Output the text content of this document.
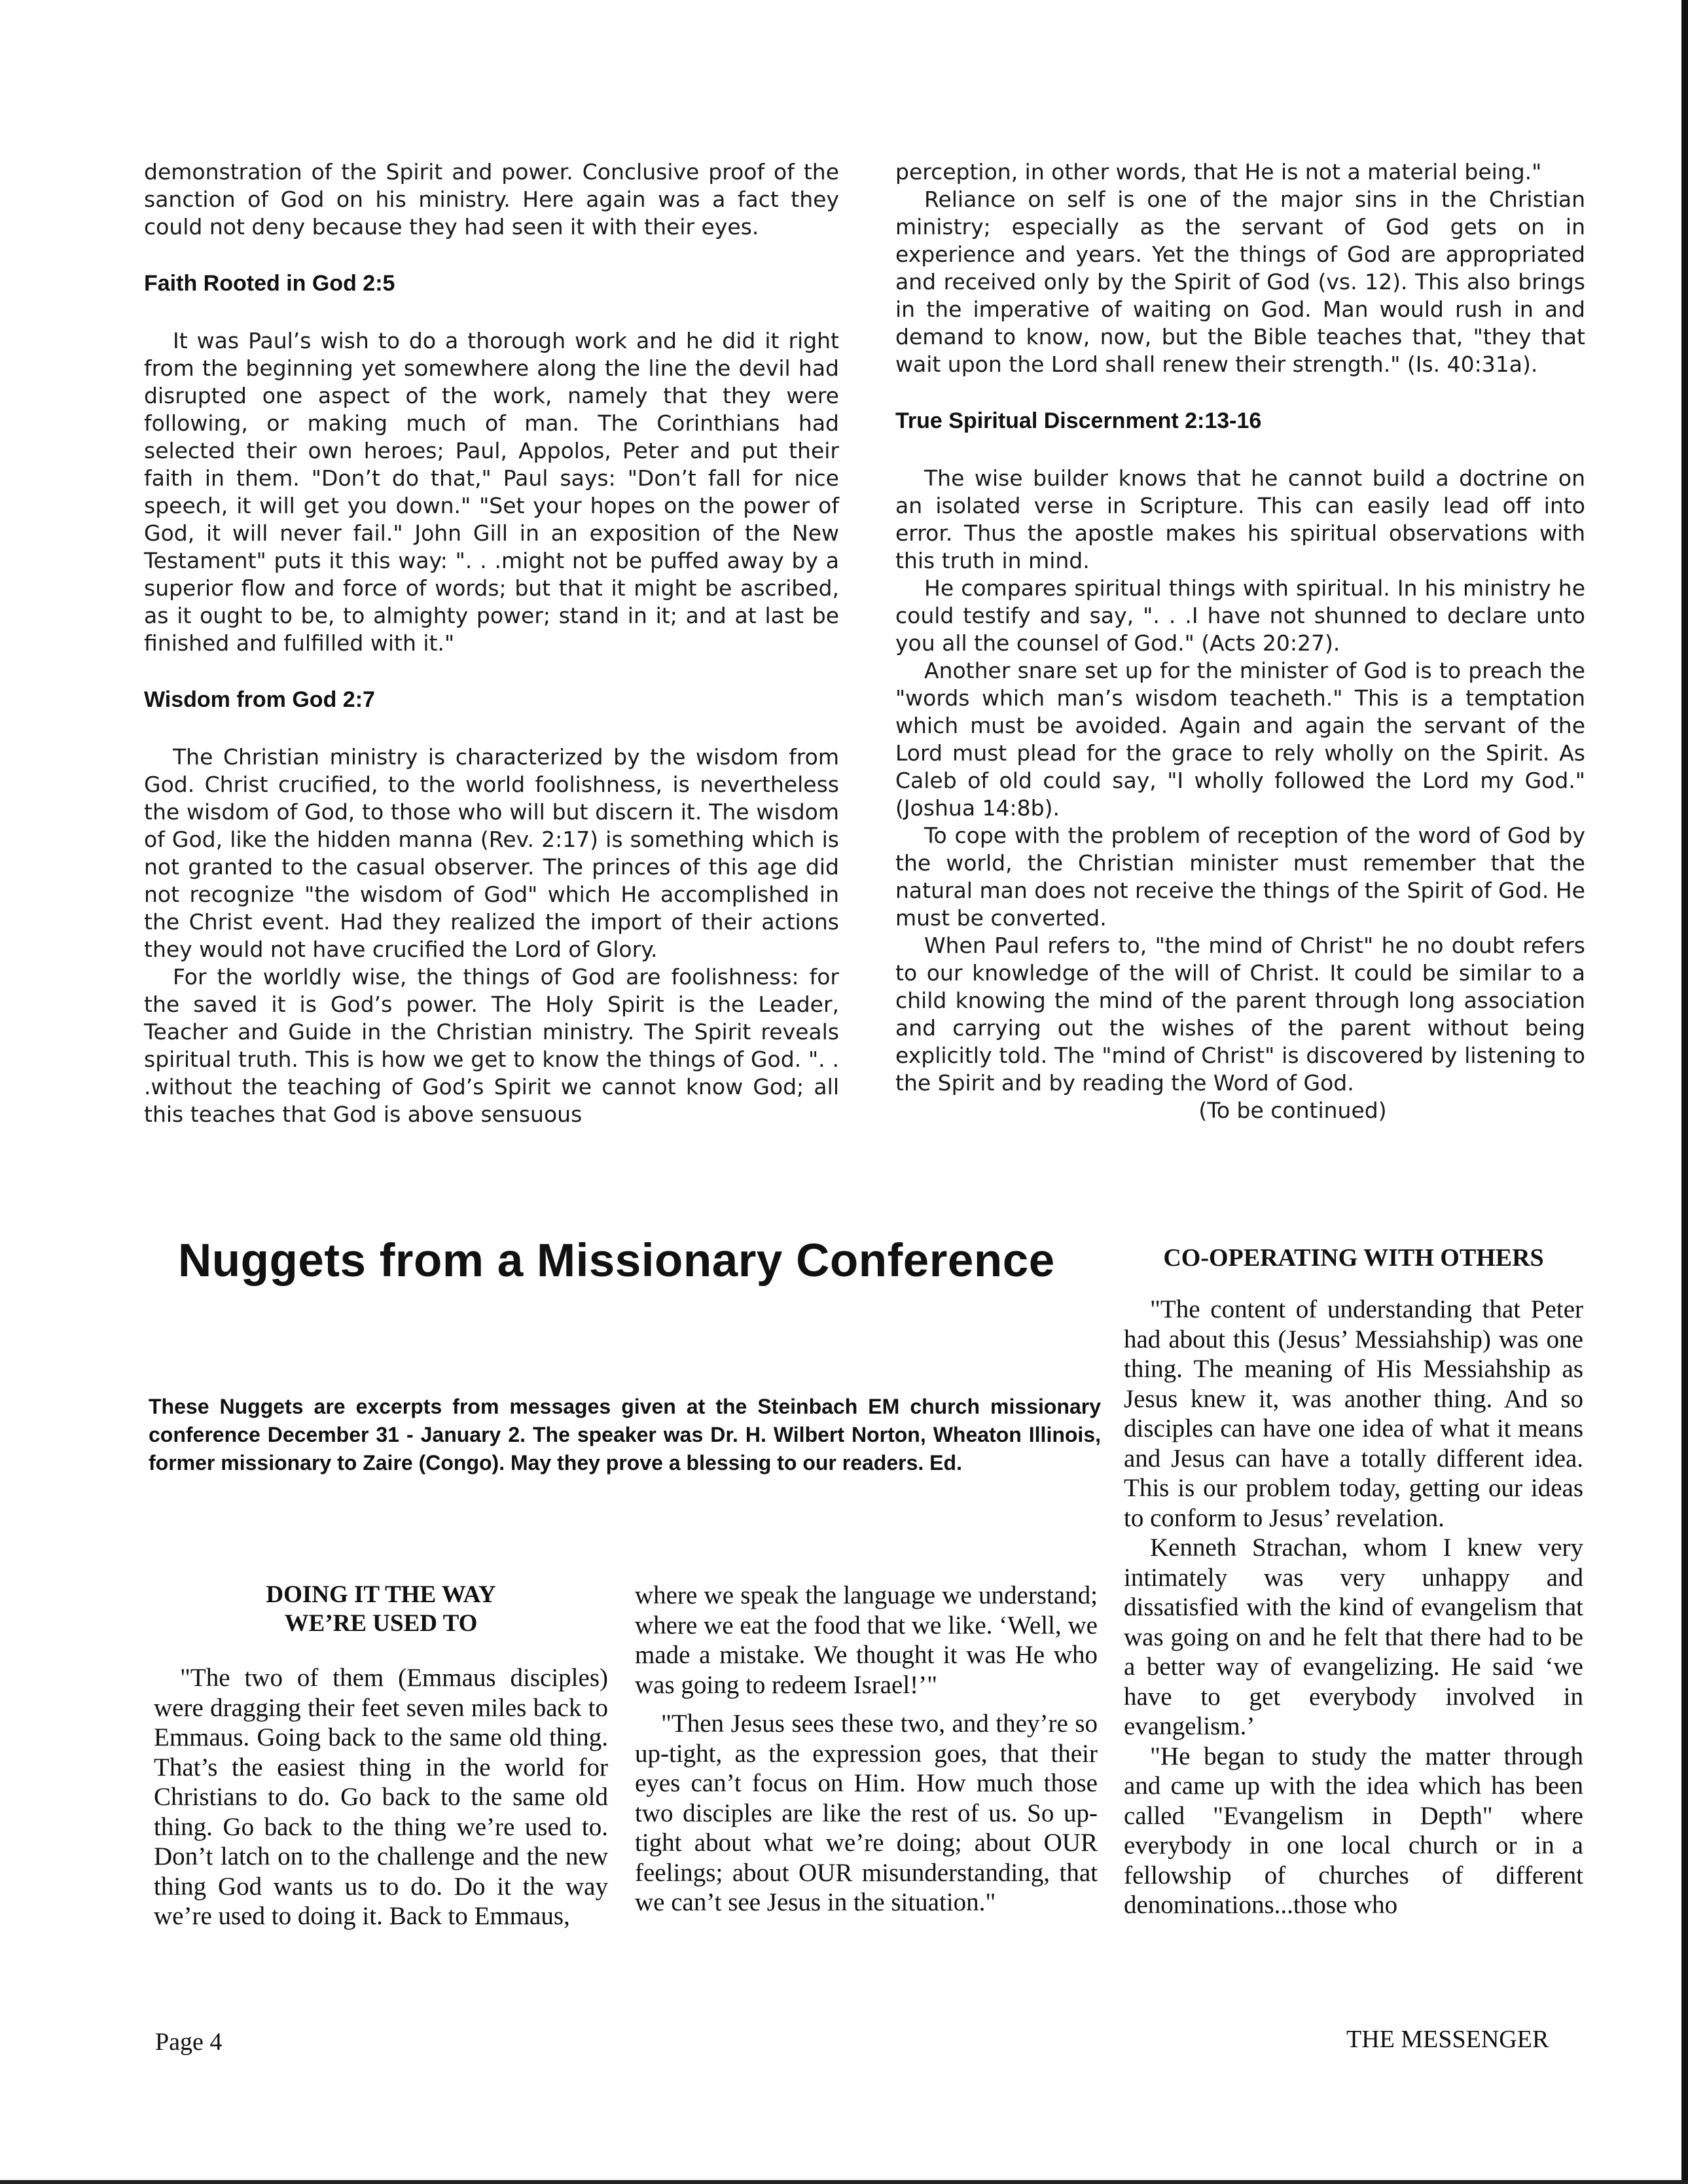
demonstration of the Spirit and power. Conclusive proof of the sanction of God on his ministry. Here again was a fact they could not deny because they had seen it with their eyes.

Faith Rooted in God 2:5

It was Paul’s wish to do a thorough work and he did it right from the beginning yet somewhere along the line the devil had disrupted one aspect of the work, namely that they were following, or making much of man. The Corinthians had selected their own heroes; Paul, Appolos, Peter and put their faith in them. "Don’t do that," Paul says: "Don’t fall for nice speech, it will get you down." "Set your hopes on the power of God, it will never fail." John Gill in an exposition of the New Testament" puts it this way: ". . .might not be puffed away by a superior flow and force of words; but that it might be ascribed, as it ought to be, to almighty power; stand in it; and at last be finished and fulfilled with it."

Wisdom from God 2:7

The Christian ministry is characterized by the wisdom from God. Christ crucified, to the world foolishness, is nevertheless the wisdom of God, to those who will but discern it. The wisdom of God, like the hidden manna (Rev. 2:17) is something which is not granted to the casual observer. The princes of this age did not recognize "the wisdom of God" which He accomplished in the Christ event. Had they realized the import of their actions they would not have crucified the Lord of Glory.

For the worldly wise, the things of God are foolishness: for the saved it is God’s power. The Holy Spirit is the Leader, Teacher and Guide in the Christian ministry. The Spirit reveals spiritual truth. This is how we get to know the things of God. ". . .without the teaching of God’s Spirit we cannot know God; all this teaches that God is above sensuous

perception, in other words, that He is not a material being."

Reliance on self is one of the major sins in the Christian ministry; especially as the servant of God gets on in experience and years. Yet the things of God are appropriated and received only by the Spirit of God (vs. 12). This also brings in the imperative of waiting on God. Man would rush in and demand to know, now, but the Bible teaches that, "they that wait upon the Lord shall renew their strength." (Is. 40:31a).

True Spiritual Discernment 2:13-16

The wise builder knows that he cannot build a doctrine on an isolated verse in Scripture. This can easily lead off into error. Thus the apostle makes his spiritual observations with this truth in mind.

He compares spiritual things with spiritual. In his ministry he could testify and say, ". . .I have not shunned to declare unto you all the counsel of God." (Acts 20:27).

Another snare set up for the minister of God is to preach the "words which man’s wisdom teacheth." This is a temptation which must be avoided. Again and again the servant of the Lord must plead for the grace to rely wholly on the Spirit. As Caleb of old could say, "I wholly followed the Lord my God." (Joshua 14:8b).

To cope with the problem of reception of the word of God by the world, the Christian minister must remember that the natural man does not receive the things of the Spirit of God. He must be converted.

When Paul refers to, "the mind of Christ" he no doubt refers to our knowledge of the will of Christ. It could be similar to a child knowing the mind of the parent through long association and carrying out the wishes of the parent without being explicitly told. The "mind of Christ" is discovered by listening to the Spirit and by reading the Word of God.

(To be continued)

Nuggets from a Missionary Conference
These Nuggets are excerpts from messages given at the Steinbach EM church missionary conference December 31 - January 2. The speaker was Dr. H. Wilbert Norton, Wheaton Illinois, former missionary to Zaire (Congo). May they prove a blessing to our readers. Ed.
DOING IT THE WAY
WE’RE USED TO

"The two of them (Emmaus disciples) were dragging their feet seven miles back to Emmaus. Going back to the same old thing. That’s the easiest thing in the world for Christians to do. Go back to the same old thing. Go back to the thing we’re used to. Don’t latch on to the challenge and the new thing God wants us to do. Do it the way we’re used to doing it. Back to Emmaus,

where we speak the language we understand; where we eat the food that we like. ‘Well, we made a mistake. We thought it was He who was going to redeem Israel!’"

"Then Jesus sees these two, and they’re so up-tight, as the expression goes, that their eyes can’t focus on Him. How much those two disciples are like the rest of us. So up-tight about what we’re doing; about OUR feelings; about OUR misunderstanding, that we can’t see Jesus in the situation."

CO-OPERATING WITH OTHERS

"The content of understanding that Peter had about this (Jesus’ Messiahship) was one thing. The meaning of His Messiahship as Jesus knew it, was another thing. And so disciples can have one idea of what it means and Jesus can have a totally different idea. This is our problem today, getting our ideas to conform to Jesus’ revelation.

Kenneth Strachan, whom I knew very intimately was very unhappy and dissatisfied with the kind of evangelism that was going on and he felt that there had to be a better way of evangelizing. He said ‘we have to get everybody involved in evangelism.’

"He began to study the matter through and came up with the idea which has been called "Evangelism in Depth" where everybody in one local church or in a fellowship of churches of different denominations...those who

Page 4	THE MESSENGER
